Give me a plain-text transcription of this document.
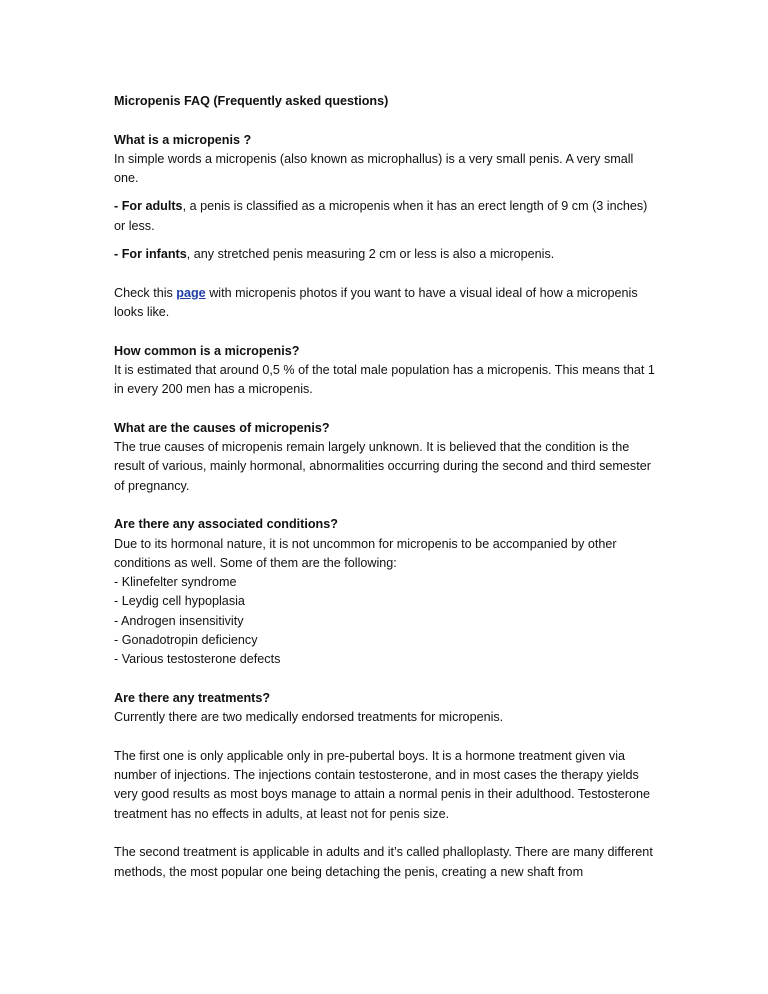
Micropenis FAQ (Frequently asked questions)

What is a micropenis ?

In simple words a micropenis (also known as microphallus) is a very small penis. A very small one.

- For adults, a penis is classified as a micropenis when it has an erect length of 9 cm (3 inches) or less.

- For infants, any stretched penis measuring 2 cm or less is also a micropenis.

Check this page with micropenis photos if you want to have a visual ideal of how a micropenis looks like.

How common is a micropenis?

It is estimated that around 0,5 % of the total male population has a micropenis. This means that 1 in every 200 men has a micropenis.

What are the causes of micropenis?

The true causes of micropenis remain largely unknown. It is believed that the condition is the result of various, mainly hormonal, abnormalities occurring during the second and third semester of pregnancy.

Are there any associated conditions?

Due to its hormonal nature, it is not uncommon for micropenis to be accompanied by other conditions as well. Some of them are the following:

- Klinefelter syndrome
- Leydig cell hypoplasia
- Androgen insensitivity
- Gonadotropin deficiency
- Various testosterone defects

Are there any treatments?

Currently there are two medically endorsed treatments for micropenis.

The first one is only applicable only in pre-pubertal boys. It is a hormone treatment given via number of injections. The injections contain testosterone, and in most cases the therapy yields very good results as most boys manage to attain a normal penis in their adulthood. Testosterone treatment has no effects in adults, at least not for penis size.

The second treatment is applicable in adults and it’s called phalloplasty. There are many different methods, the most popular one being detaching the penis, creating a new shaft from
